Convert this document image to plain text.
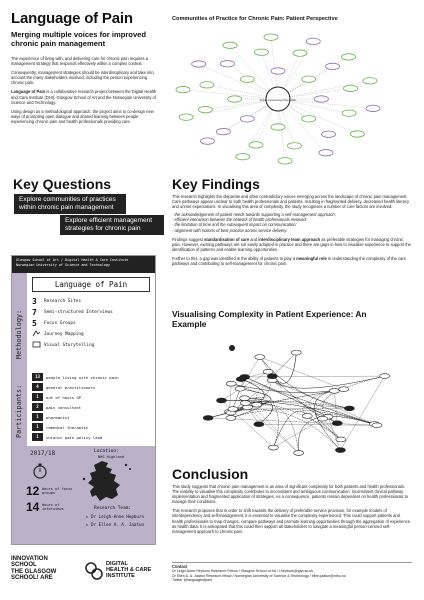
Language of Pain
Merging multiple voices for improved chronic pain management

The experience of living with, and delivering care for chronic pain requires a management strategy that responds effectively within a complex context.

Consequently, management strategies should be interdisciplinary and take into account the many stakeholders involved, including the person experiencing chronic pain.

Language of Pain is a collaborative research project between the Digital Health and Care Institute (DHI), Glasgow School of Art and the Norwegian University of Science and Technology.

Using design as a methodological approach, the project aims to co-design new ways of prompting open dialogue and shared learning between people experiencing chronic pain and health professionals providing care.

Communities of Practice for Chronic Pain: Patient Perspective
Person experiencing Chronic Pain
Key Questions
Explore communities of practices within chronic pain management
Explore efficient management strategies for chronic pain
Key Findings

This research highlights the disparate and often contradictory voices emerging across the landscape of chronic pain management. Care pathways appear unclear to both health professionals and patients, resulting in fragmented delivery, decreased health literacy and unmet expectations. In visualising this area of complexity, the study recognises a number of core factors are involved:

- the acknowledgement of patient needs towards supporting a self-management approach;

- efficient interaction between the network of health professionals involved;

- the limitation of time and the subsequent impact on communication;

- alignment with notions of best practice across service delivery.

Findings suggest standardisation of care and interdisciplinary team approach as preferable strategies for managing chronic pain. However, existing pathways are not easily adopted in practice and there are gaps in how to visualise experience to support the identification of patterns and enable learning opportunities.

Further to this, a gap was identified in the ability of patients to play a meaningful role in understanding the complexity of the care pathways and contributing to self-management for chronic pain.

Visualising Complexity in Patient Experience: An Example
Conclusion

This study suggests that chronic pain management is an area of significant complexity for both patients and health professionals. The inability to visualise this complexity contributes to inconsistent and ambiguous communication; inconsistent clinical pathway implementation and fragmented application of strategies. As a consequence, patients remain dependent on health professionals to manage their conditions.

This research proposes that in order to shift towards the delivery of preferable service provision, for example models of interdependency and self-management, it is essential to visualise the complexity experienced. This could support patients and health professionals to map changes, compare pathways and promote learning opportunities through the aggregation of experience as health data. It is anticipated that this could then support all stakeholders to navigate a meaningful person-centred self-management approach to chronic pain.

Contact

Dr Leigh-Anne Hepburn Research Fellow / Glasgow School of Art / l.hepburn@gsa.ac.uk

Dr Ellen A. A. Jaatun Research fellow / Norwegian University of Science & Technology / ellen.jaatun@ntnu.no

Twitter @languageofpain

Glasgow School of Art / Digital Health & Care Institute
Norwegian University of Science and Technology
Methodology:
Participants:
Language of Pain
3	Research Sites
7	Semi-structured Interviews
5	Focus Groups
Journey Mapping
Visual Storytelling
13	people living with chronic pain
4	general practitioners
1	out of hours GP
2	pain consultant
1	pharmacist
1	remedial therapist
1	chronic pain policy lead
2017/18	Location:
NHS Highland
12 Hours of focus groups
14 Hours of interviews	Research Team:
▸ Dr Leigh-Anne Hepburn
▸ Dr Ellen A. A. Jaatun
INNOVATION
SCHOOL
THE GLASGOW
SCHOOL! ARE
DIGITAL
HEALTH & CARE
INSTITUTE
